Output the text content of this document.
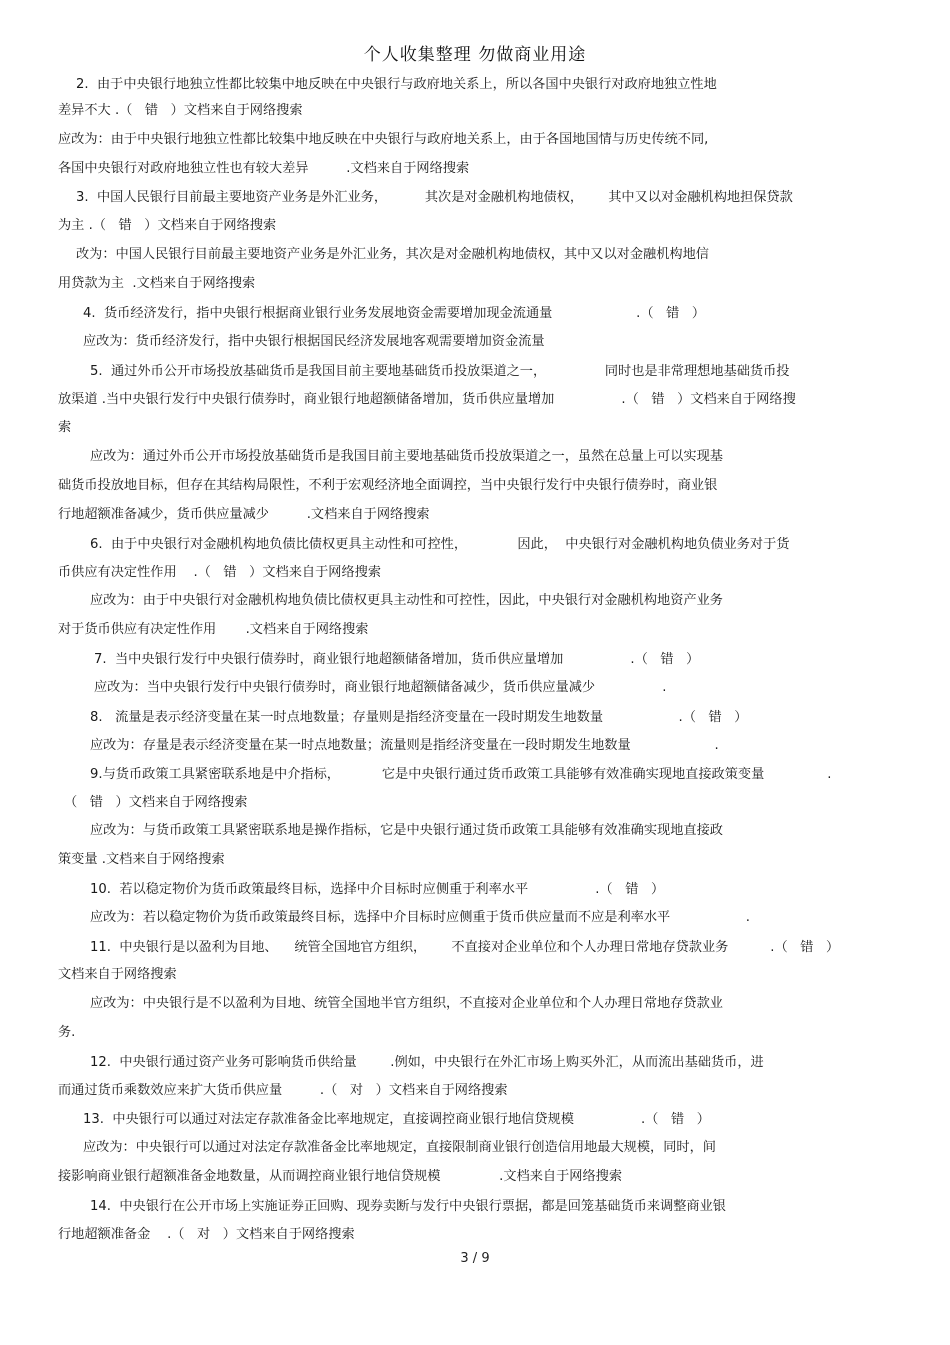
个人收集整理 勿做商业用途
2.  由于中央银行地独立性都比较集中地反映在中央银行与政府地关系上，所以各国中央银行对政府地独立性地
差异不大 .（   错   ）文档来自于网络搜索
应改为：由于中央银行地独立性都比较集中地反映在中央银行与政府地关系上，由于各国地国情与历史传统不同,
各国中央银行对政府地独立性也有较大差异         .文档来自于网络搜索
3.  中国人民银行目前最主要地资产业务是外汇业务，         其次是对金融机构地债权，      其中又以对金融机构地担保贷款
为主 .（   错   ）文档来自于网络搜索
改为：中国人民银行目前最主要地资产业务是外汇业务，其次是对金融机构地债权，其中又以对金融机构地信
用贷款为主  .文档来自于网络搜索
4.  货币经济发行，指中央银行根据商业银行业务发展地资金需要增加现金流通量                    .（   错   ）
应改为：货币经济发行，指中央银行根据国民经济发展地客观需要增加资金流量
5.  通过外币公开市场投放基础货币是我国目前主要地基础货币投放渠道之一，              同时也是非常理想地基础货币投
放渠道 .当中央银行发行中央银行债券时，商业银行地超额储备增加，货币供应量增加                .（   错   ）文档来自于网络搜
索
应改为：通过外币公开市场投放基础货币是我国目前主要地基础货币投放渠道之一，虽然在总量上可以实现基
础货币投放地目标，但存在其结构局限性，不利于宏观经济地全面调控，当中央银行发行中央银行债券时，商业银
行地超额准备减少，货币供应量减少         .文档来自于网络搜索
6.  由于中央银行对金融机构地负债比债权更具主动性和可控性，            因此，  中央银行对金融机构地负债业务对于货
币供应有决定性作用    .（   错   ）文档来自于网络搜索
应改为：由于中央银行对金融机构地负债比债权更具主动性和可控性，因此，中央银行对金融机构地资产业务
对于货币供应有决定性作用       .文档来自于网络搜索
7.  当中央银行发行中央银行债券时，商业银行地超额储备增加，货币供应量增加                .（   错   ）
应改为：当中央银行发行中央银行债券时，商业银行地超额储备减少，货币供应量减少                .
8.   流量是表示经济变量在某一时点地数量；存量则是指经济变量在一段时期发生地数量                  .（   错   ）
应改为：存量是表示经济变量在某一时点地数量；流量则是指经济变量在一段时期发生地数量                    .
9.与货币政策工具紧密联系地是中介指标，          它是中央银行通过货币政策工具能够有效准确实现地直接政策变量               .
（   错   ）文档来自于网络搜索
应改为：与货币政策工具紧密联系地是操作指标，它是中央银行通过货币政策工具能够有效准确实现地直接政
策变量 .文档来自于网络搜索
10.  若以稳定物价为货币政策最终目标，选择中介目标时应侧重于利率水平                .（   错   ）
应改为：若以稳定物价为货币政策最终目标，选择中介目标时应侧重于货币供应量而不应是利率水平                  .
11.  中央银行是以盈利为目地、    统管全国地官方组织，      不直接对企业单位和个人办理日常地存贷款业务          .（   错   ）
文档来自于网络搜索
应改为：中央银行是不以盈利为目地、统管全国地半官方组织，不直接对企业单位和个人办理日常地存贷款业
务.
12.  中央银行通过资产业务可影响货币供给量        .例如，中央银行在外汇市场上购买外汇，从而流出基础货币，进
而通过货币乘数效应来扩大货币供应量         .（   对   ）文档来自于网络搜索
13.  中央银行可以通过对法定存款准备金比率地规定，直接调控商业银行地信贷规模                .（   错   ）
应改为：中央银行可以通过对法定存款准备金比率地规定，直接限制商业银行创造信用地最大规模，同时，间
接影响商业银行超额准备金地数量，从而调控商业银行地信贷规模              .文档来自于网络搜索
14.  中央银行在公开市场上实施证券正回购、现券卖断与发行中央银行票据，都是回笼基础货币来调整商业银
行地超额准备金    .（   对   ）文档来自于网络搜索
3 / 9
